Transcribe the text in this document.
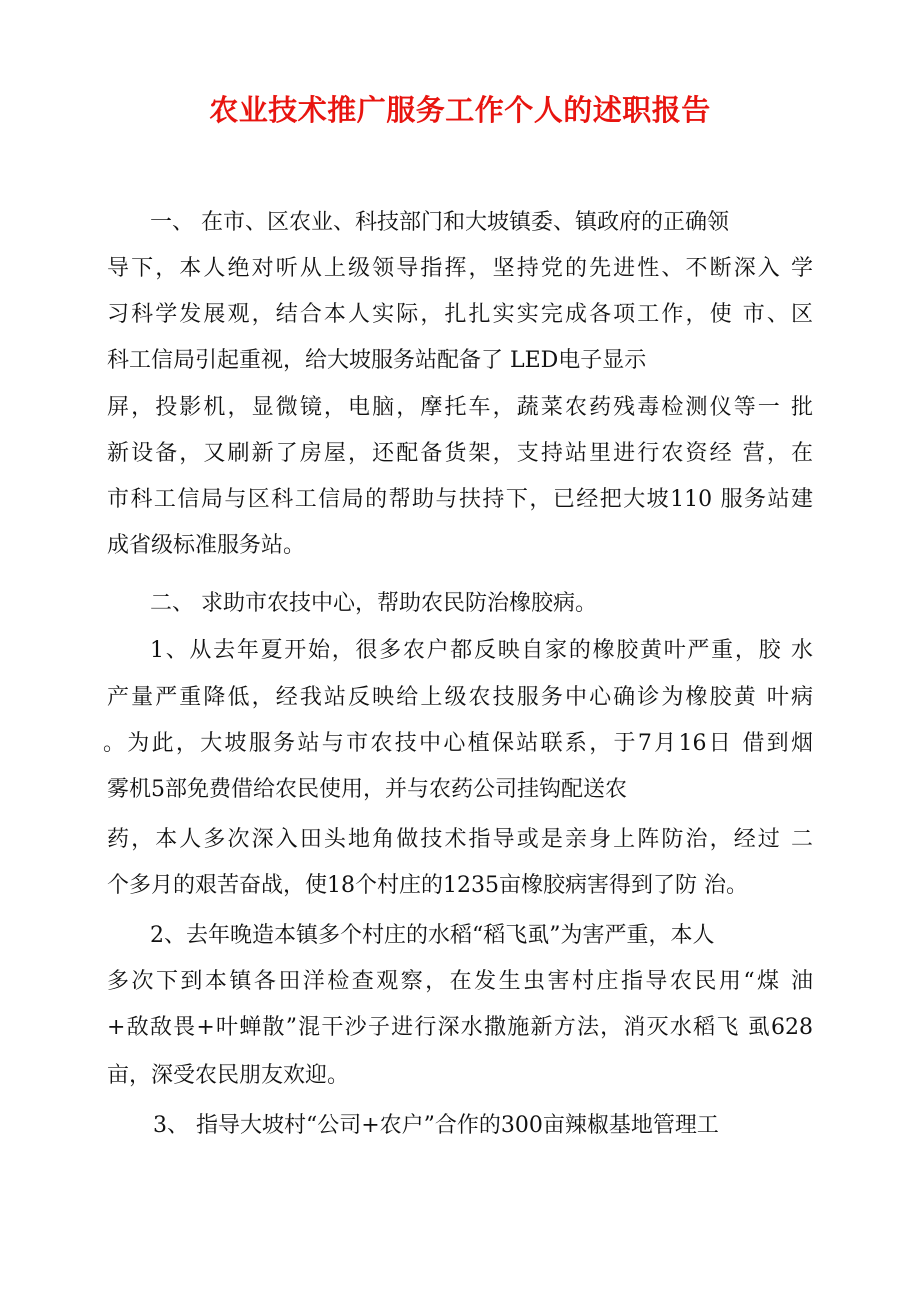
农业技术推广服务工作个人的述职报告
一、 在市、区农业、科技部门和大坡镇委、镇政府的正确领
导下，本人绝对听从上级领导指挥，坚持党的先进性、不断深入 学
习科学发展观，结合本人实际，扎扎实实完成各项工作，使 市、区
科工信局引起重视，给大坡服务站配备了 LED电子显示
屏，投影机，显微镜，电脑，摩托车，蔬菜农药残毒检测仪等一 批
新设备，又刷新了房屋，还配备货架，支持站里进行农资经 营，在
市科工信局与区科工信局的帮助与扶持下，已经把大坡110 服务站建
成省级标准服务站。
二、 求助市农技中心，帮助农民防治橡胶病。
1、从去年夏开始，很多农户都反映自家的橡胶黄叶严重，胶 水
产量严重降低，经我站反映给上级农技服务中心确诊为橡胶黄 叶病
。为此，大坡服务站与市农技中心植保站联系，于7月16日 借到烟
雾机5部免费借给农民使用，并与农药公司挂钩配送农
药，本人多次深入田头地角做技术指导或是亲身上阵防治，经过 二
个多月的艰苦奋战，使18个村庄的1235亩橡胶病害得到了防 治。
2、去年晚造本镇多个村庄的水稻“稻飞虱”为害严重，本人
多次下到本镇各田洋检查观察，在发生虫害村庄指导农民用“煤 油
+敌敌畏+叶蝉散”混干沙子进行深水撒施新方法，消灭水稻飞 虱628
亩，深受农民朋友欢迎。
3、 指导大坡村“公司+农户”合作的300亩辣椒基地管理工
